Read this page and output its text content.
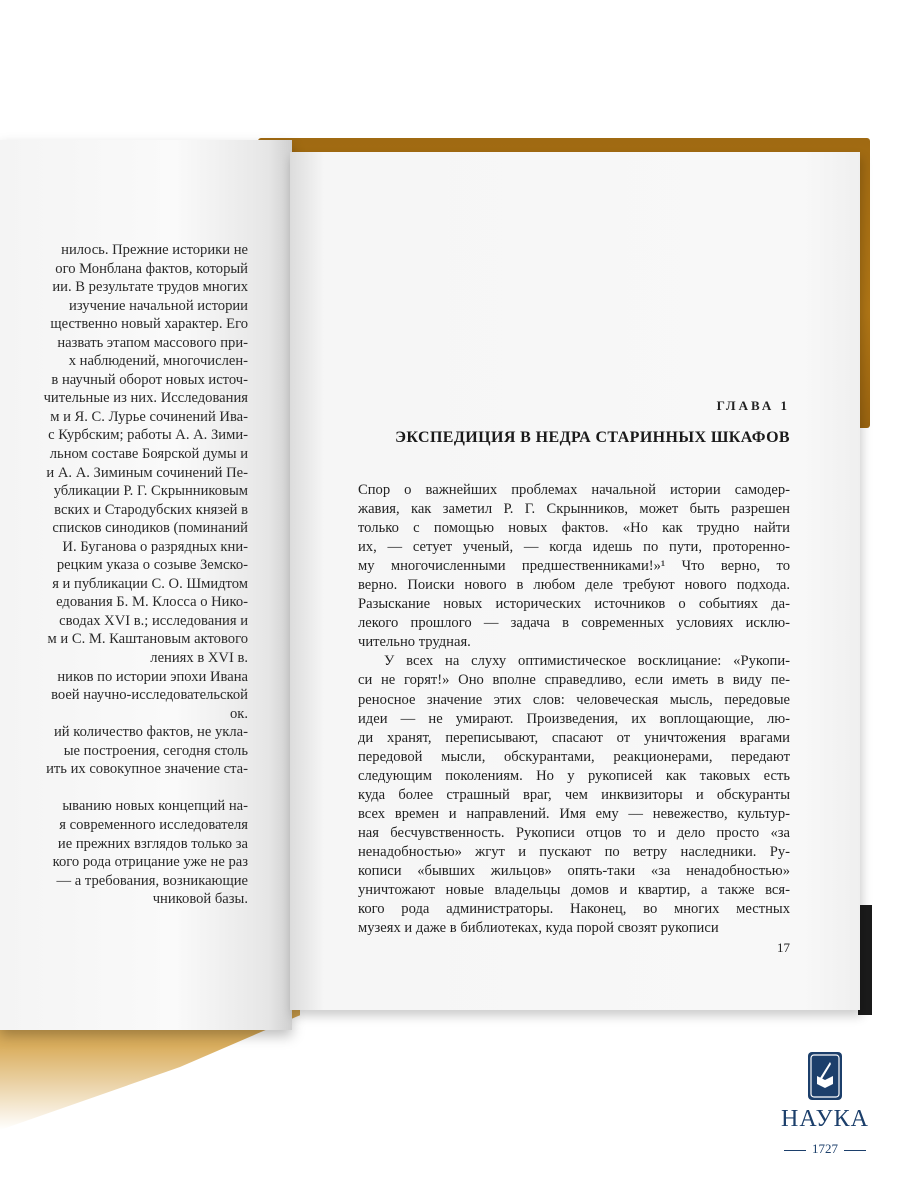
нилось. Прежние историки не
ого Монблана фактов, который
ии. В результате трудов многих
изучение начальной истории
щественно новый характер. Его
назвать этапом массового при-
х наблюдений, многочислен-
в научный оборот новых источ-
чительные из них. Исследования
м и Я. С. Лурье сочинений Ива-
с Курбским; работы А. А. Зими-
льном составе Боярской думы и
и А. А. Зиминым сочинений Пе-
убликации Р. Г. Скрынниковым
вских и Стародубских князей в
списков синодиков (поминаний
И. Буганова о разрядных кни-
рецким указа о созыве Земско-
я и публикации С. О. Шмидтом
едования Б. М. Клосса о Нико-
сводах XVI в.; исследования и
м и С. М. Каштановым актового
лениях в XVI в.
ников по истории эпохи Ивана
воей научно-исследовательской
ок.
ий количество фактов, не укла-
ые построения, сегодня столь
ить их совокупное значение ста-

ыванию новых концепций на-
я современного исследователя
ие прежних взглядов только за
кого рода отрицание уже не раз
— а требования, возникающие
чниковой базы.
ГЛАВА 1
ЭКСПЕДИЦИЯ В НЕДРА СТАРИННЫХ ШКАФОВ
Спор о важнейших проблемах начальной истории самодер-
жавия, как заметил Р. Г. Скрынников, может быть разрешен
только с помощью новых фактов. «Но как трудно найти
их, — сетует ученый, — когда идешь по пути, проторенно-
му многочисленными предшественниками!»¹ Что верно, то
верно. Поиски нового в любом деле требуют нового подхода.
Разыскание новых исторических источников о событиях да-
лекого прошлого — задача в современных условиях исклю-
чительно трудная.
У всех на слуху оптимистическое восклицание: «Рукопи-
си не горят!» Оно вполне справедливо, если иметь в виду пе-
реносное значение этих слов: человеческая мысль, передовые
идеи — не умирают. Произведения, их воплощающие, лю-
ди хранят, переписывают, спасают от уничтожения врагами
передовой мысли, обскурантами, реакционерами, передают
следующим поколениям. Но у рукописей как таковых есть
куда более страшный враг, чем инквизиторы и обскуранты
всех времен и направлений. Имя ему — невежество, культур-
ная бесчувственность. Рукописи отцов то и дело просто «за
ненадобностью» жгут и пускают по ветру наследники. Ру-
кописи «бывших жильцов» опять-таки «за ненадобностью»
уничтожают новые владельцы домов и квартир, а также вся-
кого рода администраторы. Наконец, во многих местных
музеях и даже в библиотеках, куда порой свозят рукописи
17
НАУКА
1727
